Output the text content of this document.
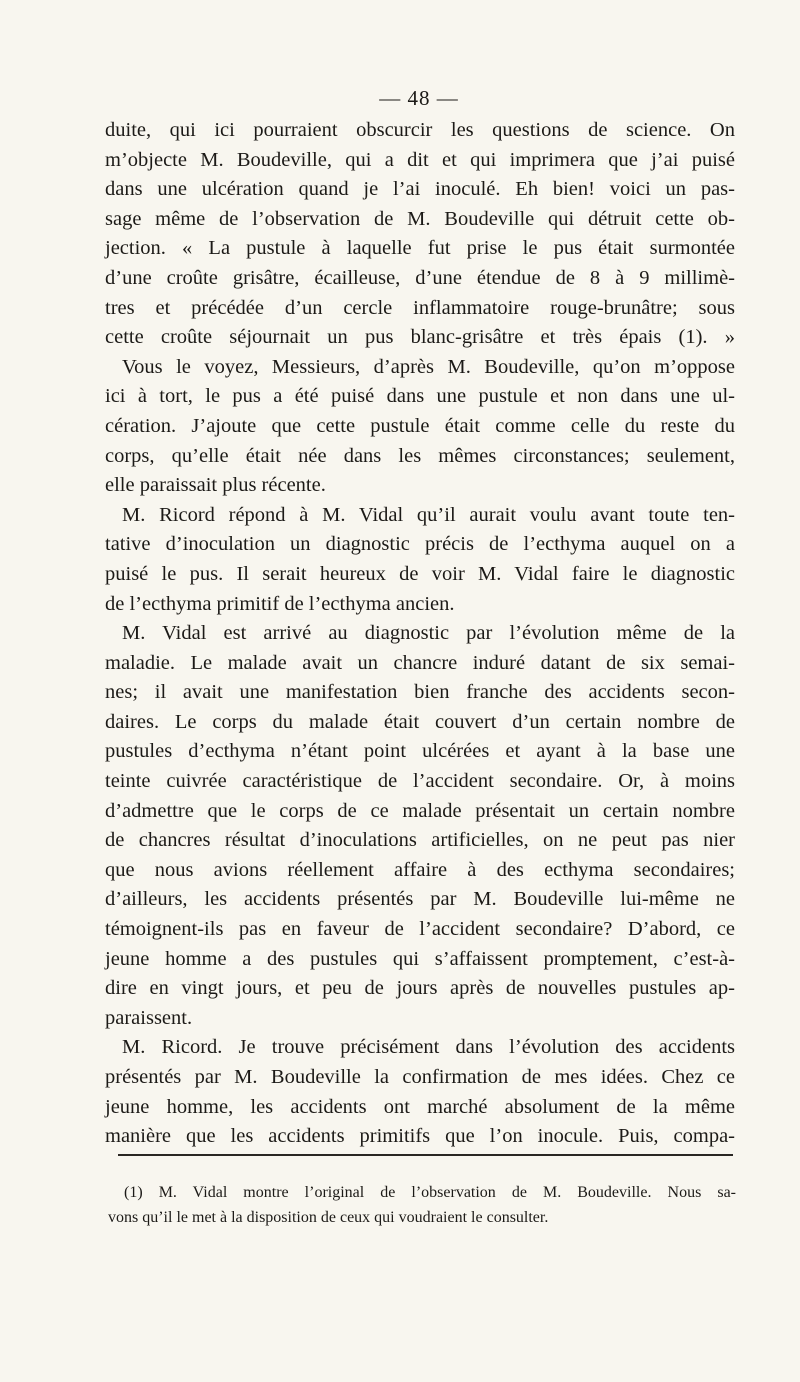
— 48 —
duite, qui ici pourraient obscurcir les questions de science. On
m’objecte M. Boudeville, qui a dit et qui imprimera que j’ai puisé
dans une ulcération quand je l’ai inoculé. Eh bien! voici un pas-
sage même de l’observation de M. Boudeville qui détruit cette ob-
jection. « La pustule à laquelle fut prise le pus était surmontée
d’une croûte grisâtre, écailleuse, d’une étendue de 8 à 9 millimè-
tres et précédée d’un cercle inflammatoire rouge-brunâtre; sous
cette croûte séjournait un pus blanc-grisâtre et très épais (1). »
Vous le voyez, Messieurs, d’après M. Boudeville, qu’on m’oppose
ici à tort, le pus a été puisé dans une pustule et non dans une ul-
cération. J’ajoute que cette pustule était comme celle du reste du
corps, qu’elle était née dans les mêmes circonstances; seulement,
elle paraissait plus récente.
M. Ricord répond à M. Vidal qu’il aurait voulu avant toute ten-
tative d’inoculation un diagnostic précis de l’ecthyma auquel on a
puisé le pus. Il serait heureux de voir M. Vidal faire le diagnostic
de l’ecthyma primitif de l’ecthyma ancien.
M. Vidal est arrivé au diagnostic par l’évolution même de la
maladie. Le malade avait un chancre induré datant de six semai-
nes; il avait une manifestation bien franche des accidents secon-
daires. Le corps du malade était couvert d’un certain nombre de
pustules d’ecthyma n’étant point ulcérées et ayant à la base une
teinte cuivrée caractéristique de l’accident secondaire. Or, à moins
d’admettre que le corps de ce malade présentait un certain nombre
de chancres résultat d’inoculations artificielles, on ne peut pas nier
que nous avions réellement affaire à des ecthyma secondaires;
d’ailleurs, les accidents présentés par M. Boudeville lui-même ne
témoignent-ils pas en faveur de l’accident secondaire? D’abord, ce
jeune homme a des pustules qui s’affaissent promptement, c’est-à-
dire en vingt jours, et peu de jours après de nouvelles pustules ap-
paraissent.
M. Ricord. Je trouve précisément dans l’évolution des accidents
présentés par M. Boudeville la confirmation de mes idées. Chez ce
jeune homme, les accidents ont marché absolument de la même
manière que les accidents primitifs que l’on inocule. Puis, compa-
(1) M. Vidal montre l’original de l’observation de M. Boudeville. Nous sa-
vons qu’il le met à la disposition de ceux qui voudraient le consulter.
